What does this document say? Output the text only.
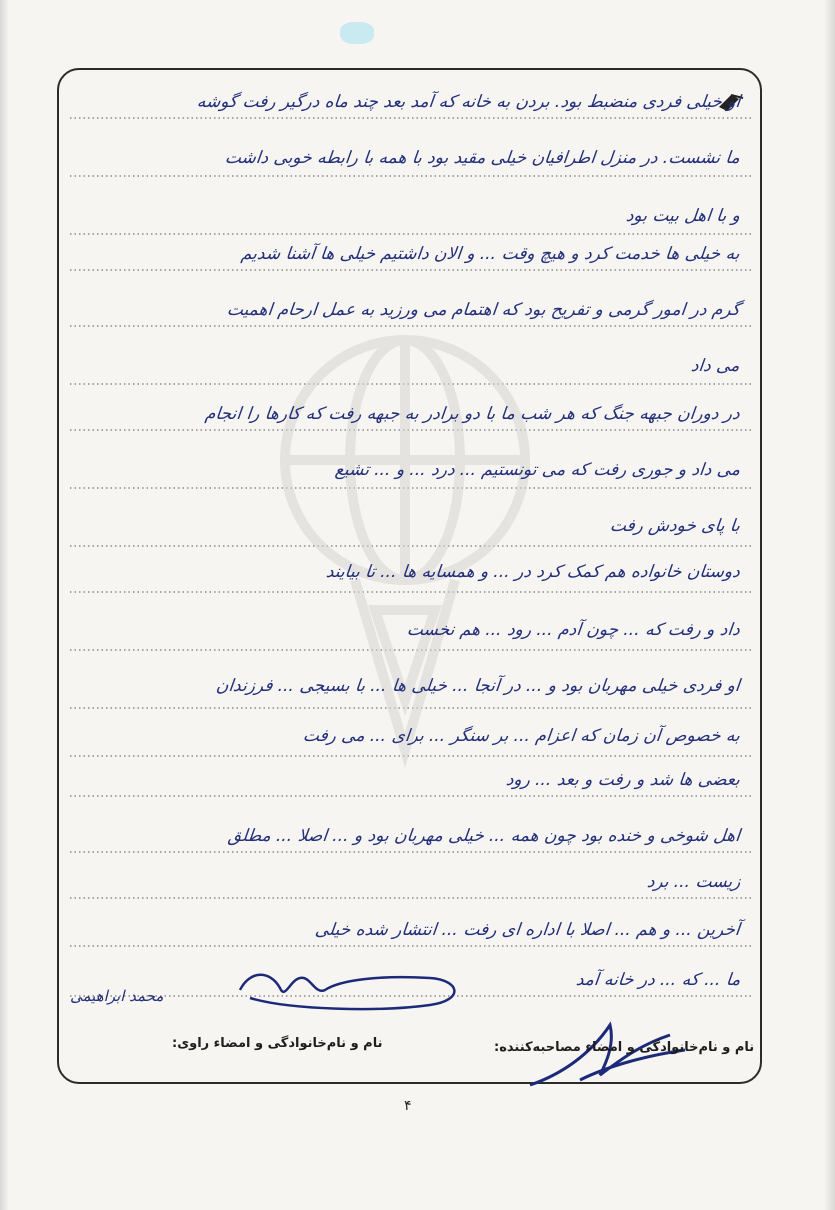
او خیلی فردی منضبط بود. بردن به خانه که آمد بعد چند ماه درگیر رفت گوشه
ما نشست. در منزل اطرافیان خیلی مقید بود با همه با رابطه خوبی داشت
و با اهل بیت بود
به خیلی ها خدمت کرد و هیچ وقت ... و الان داشتیم خیلی ها آشنا شدیم
گرم در امور گرمی و تفریح بود که اهتمام می ورزید به عمل ارحام اهمیت
می داد
در دوران جبهه جنگ که هر شب ما با دو برادر به جبهه رفت که کارها را انجام
می داد و جوری رفت که می تونستیم ... درد ... و ... تشیع
با پای خودش رفت
دوستان خانواده هم کمک کرد در ... و همسایه ها ... تا بیایند
داد و رفت که ... چون آدم ... رود ... هم نخست
او فردی خیلی مهربان بود و ... در آنجا ... خیلی ها ... با بسیجی ... فرزندان
به خصوص آن زمان که اعزام ... بر سنگر ... برای ... می رفت
بعضی ها شد و رفت و بعد ... رود
اهل شوخی و خنده بود چون همه ... خیلی مهربان بود و ... اصلا ... مطلق
زیست ... برد
آخرین ... و هم ... اصلا با اداره ای رفت ... انتشار شده خیلی
ما ... که ... در خانه آمد
محمد ابراهیمی
نام و نام‌خانوادگی و امضاء راوی:	نام و نام‌خانوادگی و امضاء مصاحبه‌کننده:
۴
